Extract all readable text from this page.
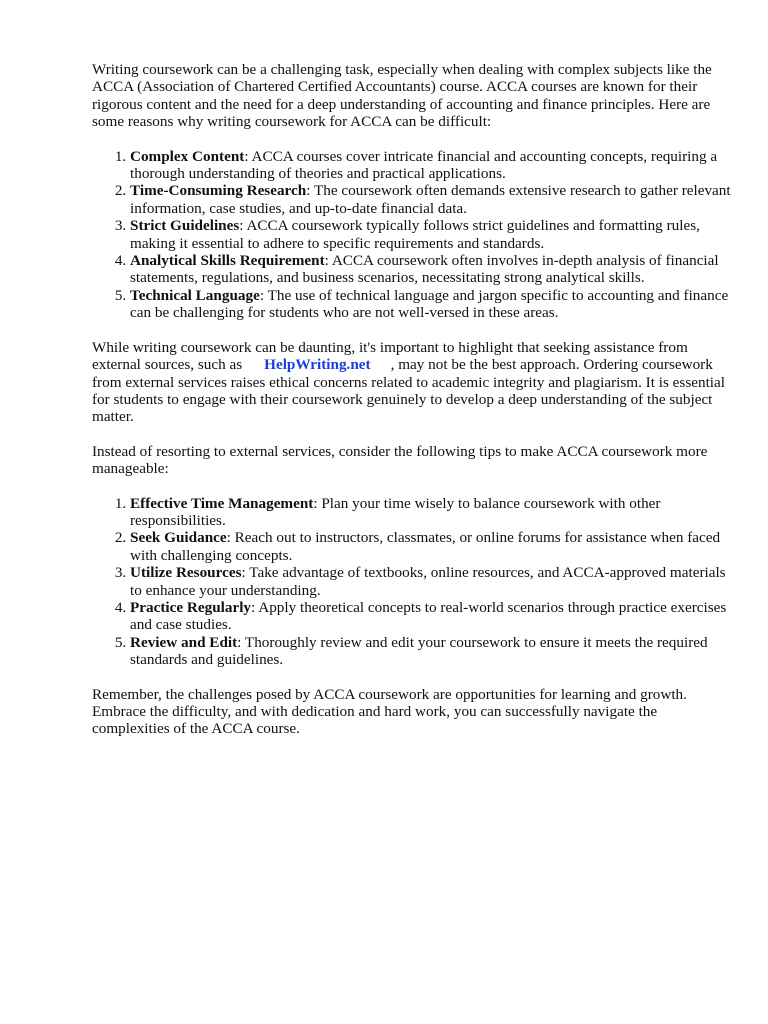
Writing coursework can be a challenging task, especially when dealing with complex subjects like the ACCA (Association of Chartered Certified Accountants) course. ACCA courses are known for their rigorous content and the need for a deep understanding of accounting and finance principles. Here are some reasons why writing coursework for ACCA can be difficult:

1. Complex Content: ACCA courses cover intricate financial and accounting concepts, requiring a thorough understanding of theories and practical applications.
2. Time-Consuming Research: The coursework often demands extensive research to gather relevant information, case studies, and up-to-date financial data.
3. Strict Guidelines: ACCA coursework typically follows strict guidelines and formatting rules, making it essential to adhere to specific requirements and standards.
4. Analytical Skills Requirement: ACCA coursework often involves in-depth analysis of financial statements, regulations, and business scenarios, necessitating strong analytical skills.
5. Technical Language: The use of technical language and jargon specific to accounting and finance can be challenging for students who are not well-versed in these areas.

While writing coursework can be daunting, it's important to highlight that seeking assistance from external sources, such as HelpWriting.net , may not be the best approach. Ordering coursework from external services raises ethical concerns related to academic integrity and plagiarism. It is essential for students to engage with their coursework genuinely to develop a deep understanding of the subject matter.

Instead of resorting to external services, consider the following tips to make ACCA coursework more manageable:

1. Effective Time Management: Plan your time wisely to balance coursework with other responsibilities.
2. Seek Guidance: Reach out to instructors, classmates, or online forums for assistance when faced with challenging concepts.
3. Utilize Resources: Take advantage of textbooks, online resources, and ACCA-approved materials to enhance your understanding.
4. Practice Regularly: Apply theoretical concepts to real-world scenarios through practice exercises and case studies.
5. Review and Edit: Thoroughly review and edit your coursework to ensure it meets the required standards and guidelines.

Remember, the challenges posed by ACCA coursework are opportunities for learning and growth. Embrace the difficulty, and with dedication and hard work, you can successfully navigate the complexities of the ACCA course.
